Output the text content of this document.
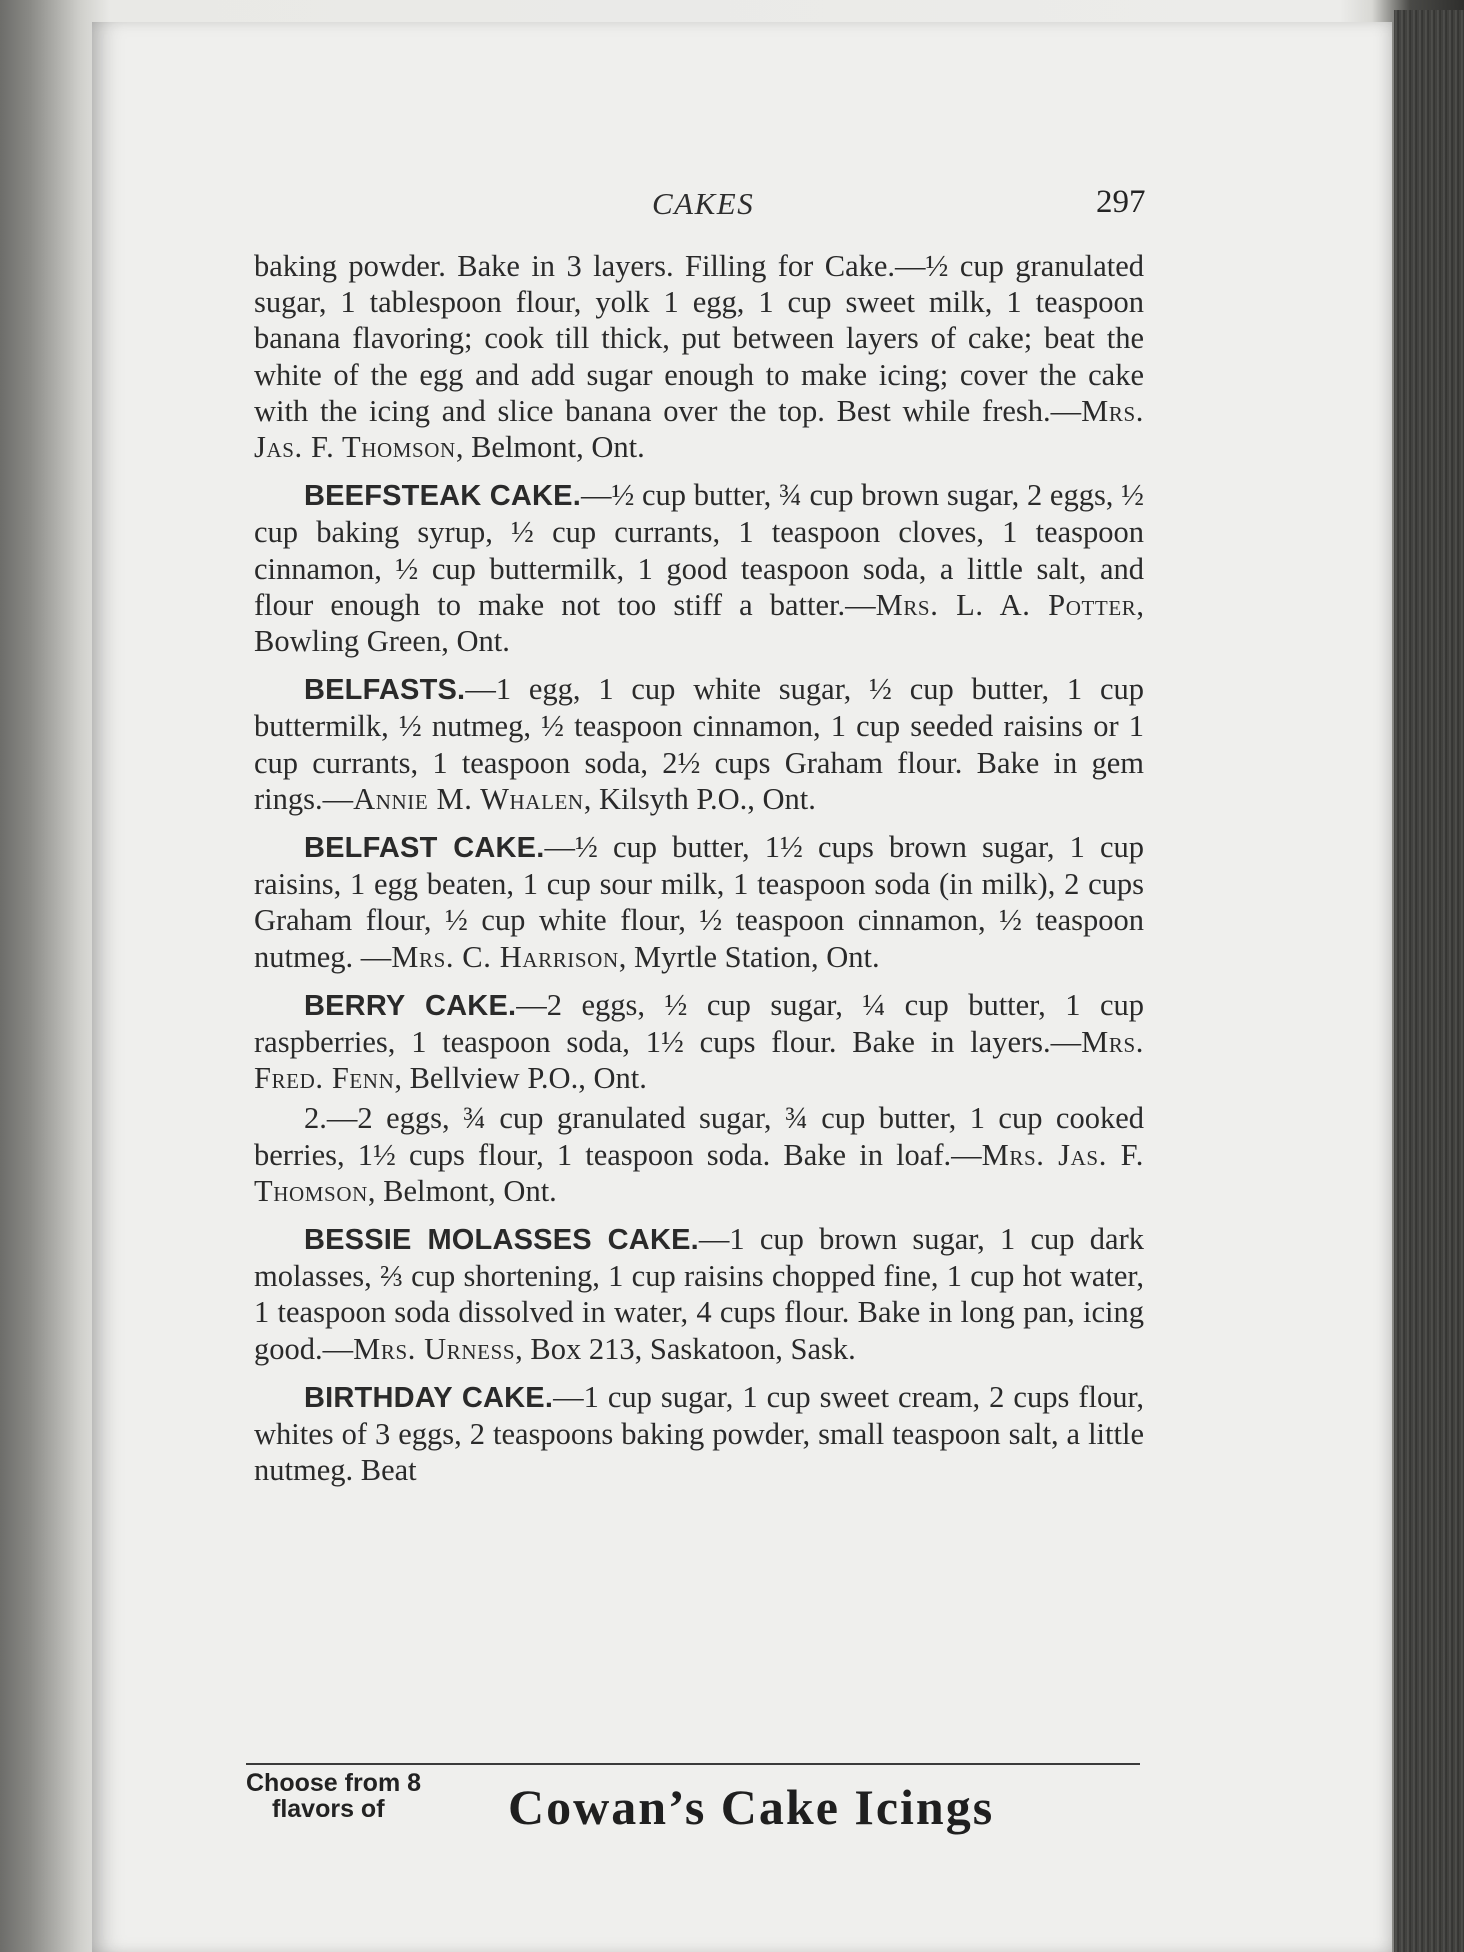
CAKES	297

baking powder. Bake in 3 layers. Filling for Cake.—½ cup granulated sugar, 1 tablespoon flour, yolk 1 egg, 1 cup sweet milk, 1 teaspoon banana flavoring; cook till thick, put between layers of cake; beat the white of the egg and add sugar enough to make icing; cover the cake with the icing and slice banana over the top. Best while fresh.—Mrs. Jas. F. Thomson, Belmont, Ont.

BEEFSTEAK CAKE.—½ cup butter, ¾ cup brown sugar, 2 eggs, ½ cup baking syrup, ½ cup currants, 1 teaspoon cloves, 1 teaspoon cinnamon, ½ cup buttermilk, 1 good teaspoon soda, a little salt, and flour enough to make not too stiff a batter.—Mrs. L. A. Potter, Bowling Green, Ont.

BELFASTS.—1 egg, 1 cup white sugar, ½ cup butter, 1 cup buttermilk, ½ nutmeg, ½ teaspoon cinnamon, 1 cup seeded raisins or 1 cup currants, 1 teaspoon soda, 2½ cups Graham flour. Bake in gem rings.—Annie M. Whalen, Kilsyth P.O., Ont.

BELFAST CAKE.—½ cup butter, 1½ cups brown sugar, 1 cup raisins, 1 egg beaten, 1 cup sour milk, 1 teaspoon soda (in milk), 2 cups Graham flour, ½ cup white flour, ½ teaspoon cinnamon, ½ teaspoon nutmeg. —Mrs. C. Harrison, Myrtle Station, Ont.

BERRY CAKE.—2 eggs, ½ cup sugar, ¼ cup butter, 1 cup raspberries, 1 teaspoon soda, 1½ cups flour. Bake in layers.—Mrs. Fred. Fenn, Bellview P.O., Ont.

2.—2 eggs, ¾ cup granulated sugar, ¾ cup butter, 1 cup cooked berries, 1½ cups flour, 1 teaspoon soda. Bake in loaf.—Mrs. Jas. F. Thomson, Belmont, Ont.

BESSIE MOLASSES CAKE.—1 cup brown sugar, 1 cup dark molasses, ⅔ cup shortening, 1 cup raisins chopped fine, 1 cup hot water, 1 teaspoon soda dissolved in water, 4 cups flour. Bake in long pan, icing good.—Mrs. Urness, Box 213, Saskatoon, Sask.

BIRTHDAY CAKE.—1 cup sugar, 1 cup sweet cream, 2 cups flour, whites of 3 eggs, 2 teaspoons baking powder, small teaspoon salt, a little nutmeg. Beat

Choose from 8
flavors of	Cowan’s Cake Icings
